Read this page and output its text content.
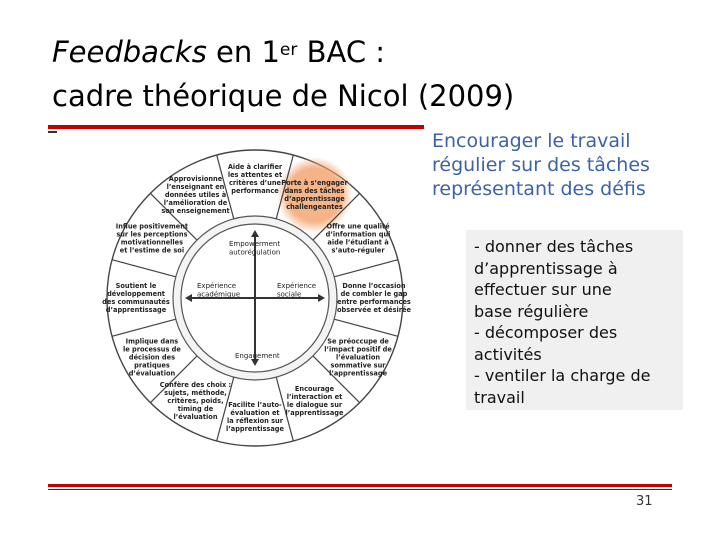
Feedbacks en 1er BAC :
cadre théorique de Nicol (2009)
Empowerment autorégulation
Expérience académique
Expérience sociale
Engagement
Aide à clarifier les attentes et critères d’une performance
Porte à s’engager dans des tâches d’apprentissage challengeantes
Offre une qualité d’information qui aide l’étudiant à s’auto-réguler
Donne l’occasion de combler le gap entre performances observée et désirée
Se préoccupe de l’impact positif de l’évaluation sommative sur l’apprentissage
Encourage l’interaction et le dialogue sur l’apprentissage
Facilite l’auto-évaluation et la réflexion sur l’apprentissage
Confère des choix : sujets, méthode, critères, poids, timing de l’évaluation
Implique dans le processus de décision des pratiques d’évaluation
Soutient le développement des communautés d’apprentissage
Influe positivement sur les perceptions motivationnelles et l’estime de soi
Approvisionne l’enseignant en données utiles à l’amélioration de son enseignement
Encourager le travail
régulier sur des tâches
représentant des défis
- donner des tâches
d’apprentissage à
effectuer sur une
base régulière
- décomposer des
activités
- ventiler la charge de
travail
31
